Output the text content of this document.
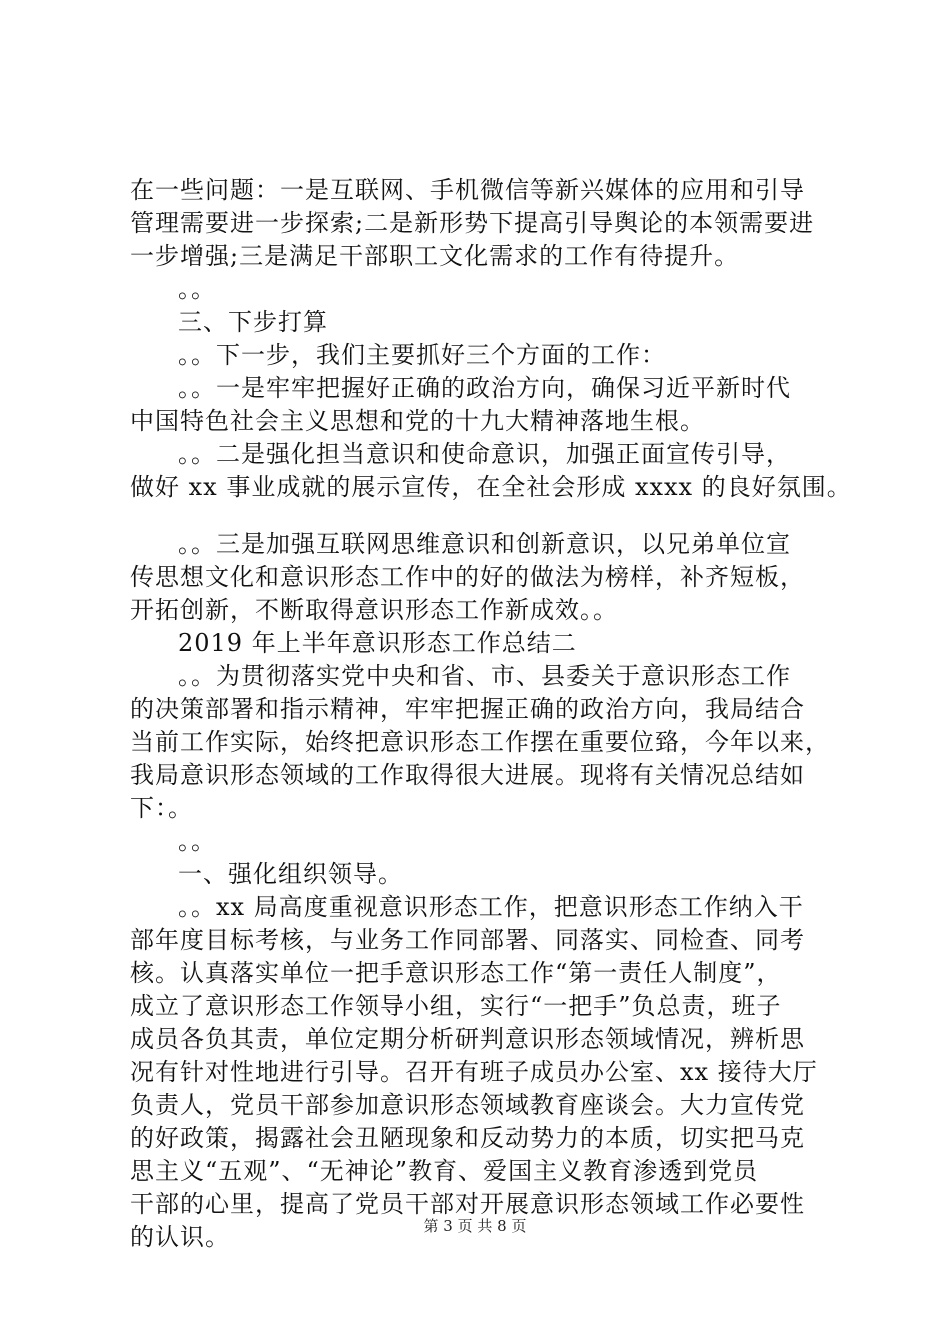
在一些问题：一是互联网、手机微信等新兴媒体的应用和引导
管理需要进一步探索;二是新形势下提高引导舆论的本领需要进
一步增强;三是满足干部职工文化需求的工作有待提升。
。。
三、下步打算
。。下一步，我们主要抓好三个方面的工作：
。。一是牢牢把握好正确的政治方向，确保习近平新时代
中国特色社会主义思想和党的十九大精神落地生根。
。。二是强化担当意识和使命意识，加强正面宣传引导，
做好 xx 事业成就的展示宣传，在全社会形成 xxxx 的良好氛围。
。。三是加强互联网思维意识和创新意识，以兄弟单位宣
传思想文化和意识形态工作中的好的做法为榜样，补齐短板，
开拓创新，不断取得意识形态工作新成效。。
2019 年上半年意识形态工作总结二
。。为贯彻落实党中央和省、市、县委关于意识形态工作
的决策部署和指示精神，牢牢把握正确的政治方向，我局结合
当前工作实际，始终把意识形态工作摆在重要位臵，今年以来，
我局意识形态领域的工作取得很大进展。现将有关情况总结如
下：。
。。
一、强化组织领导。
。。xx 局高度重视意识形态工作，把意识形态工作纳入干
部年度目标考核，与业务工作同部署、同落实、同检查、同考
核。认真落实单位一把手意识形态工作“第一责任人制度”，
成立了意识形态工作领导小组，实行“一把手”负总责，班子
成员各负其责，单位定期分析研判意识形态领域情况，辨析思
况有针对性地进行引导。召开有班子成员办公室、xx 接待大厅
负责人，党员干部参加意识形态领域教育座谈会。大力宣传党
的好政策，揭露社会丑陋现象和反动势力的本质，切实把马克
思主义“五观”、“无神论”教育、爱国主义教育渗透到党员
干部的心里，提高了党员干部对开展意识形态领域工作必要性
的认识。	第 3 页 共 8 页
